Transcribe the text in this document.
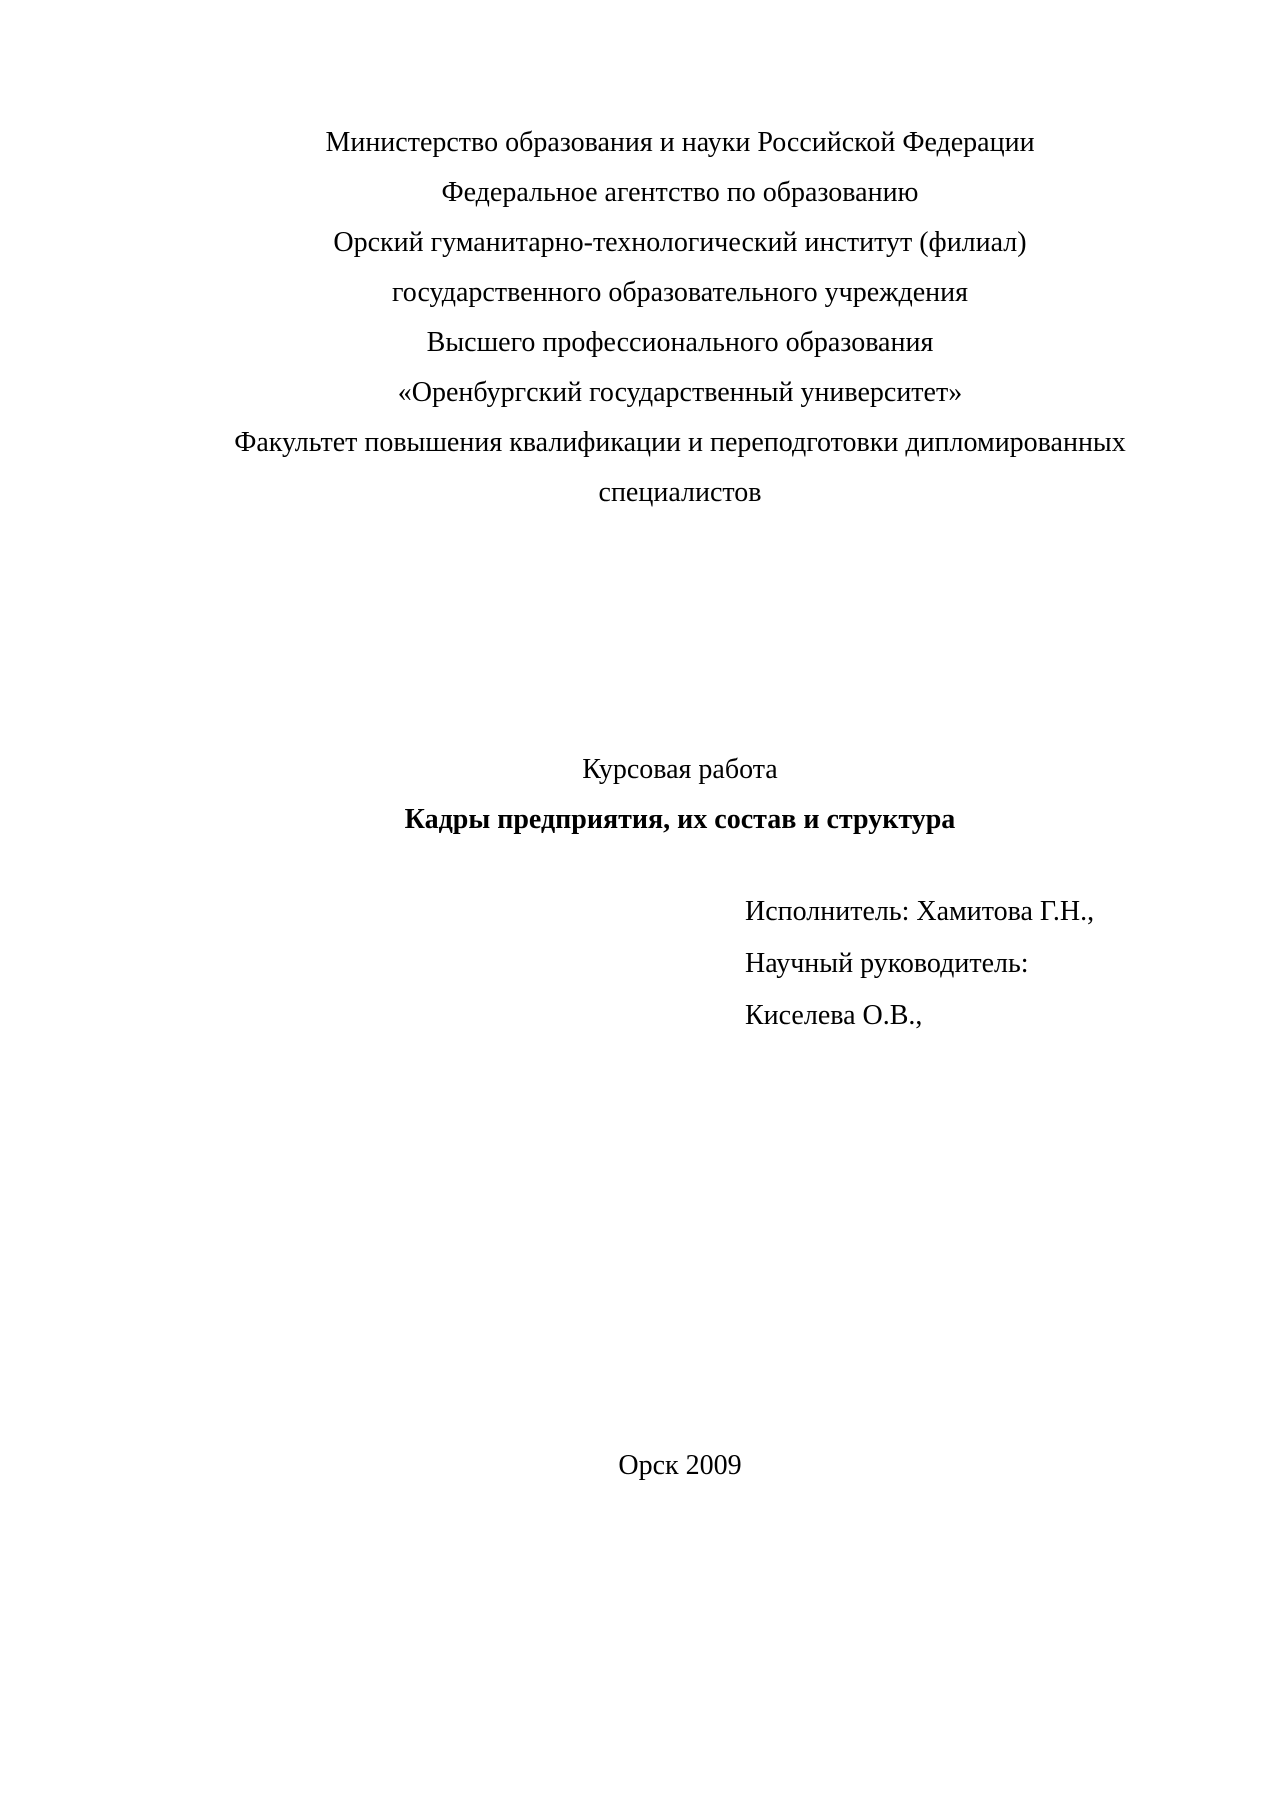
Министерство образования и науки Российской Федерации
Федеральное агентство по образованию
Орский гуманитарно-технологический институт (филиал)
государственного образовательного учреждения
Высшего профессионального образования
«Оренбургский государственный университет»
Факультет повышения квалификации и переподготовки дипломированных
специалистов
Курсовая работа
Кадры предприятия, их состав и структура
Исполнитель: Хамитова Г.Н.,
Научный руководитель:
Киселева О.В.,
Орск 2009
